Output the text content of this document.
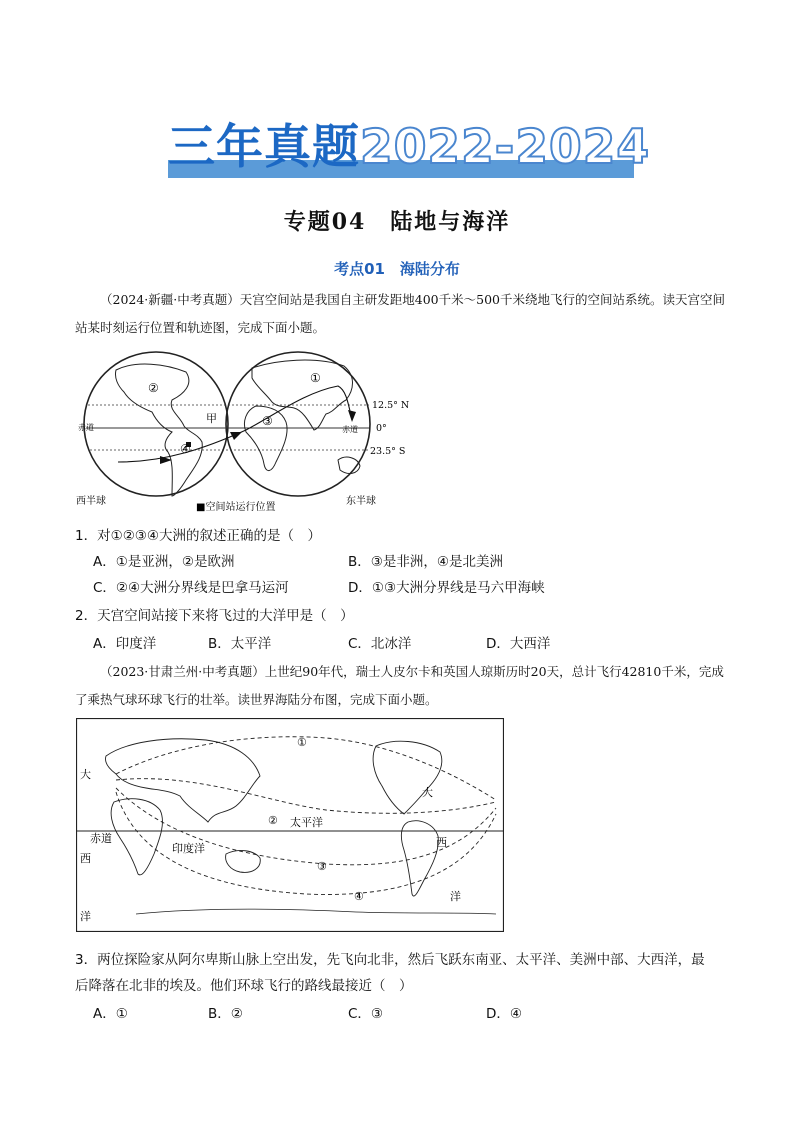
三年真题2022-2024
专题04　陆地与海洋
考点01　海陆分布
（2024·新疆·中考真题）天宫空间站是我国自主研发距地400千米～500千米绕地飞行的空间站系统。读天宫空间站某时刻运行位置和轨迹图，完成下面小题。
②
④
③
①
甲
赤道	赤道
12.5° N
0°
23.5° S
西半球	东半球
■空间站运行位置
1．对①②③④大洲的叙述正确的是（　）
A．①是亚洲，②是欧洲	B．③是非洲，④是北美洲
C．②④大洲分界线是巴拿马运河	D．①③大洲分界线是马六甲海峡
2．天宫空间站接下来将飞过的大洋甲是（　）
A．印度洋	B．太平洋	C．北冰洋	D．大西洋
（2023·甘肃兰州·中考真题）上世纪90年代，瑞士人皮尔卡和英国人琼斯历时20天，总计飞行42810千米，完成了乘热气球环球飞行的壮举。读世界海陆分布图，完成下面小题。
①
②
③
④
太平洋
印度洋
赤道
大
西
洋
大
西
洋
3．两位探险家从阿尔卑斯山脉上空出发，先飞向北非，然后飞跃东南亚、太平洋、美洲中部、大西洋，最
后降落在北非的埃及。他们环球飞行的路线最接近（　）
A．①	B．②	C．③	D．④
